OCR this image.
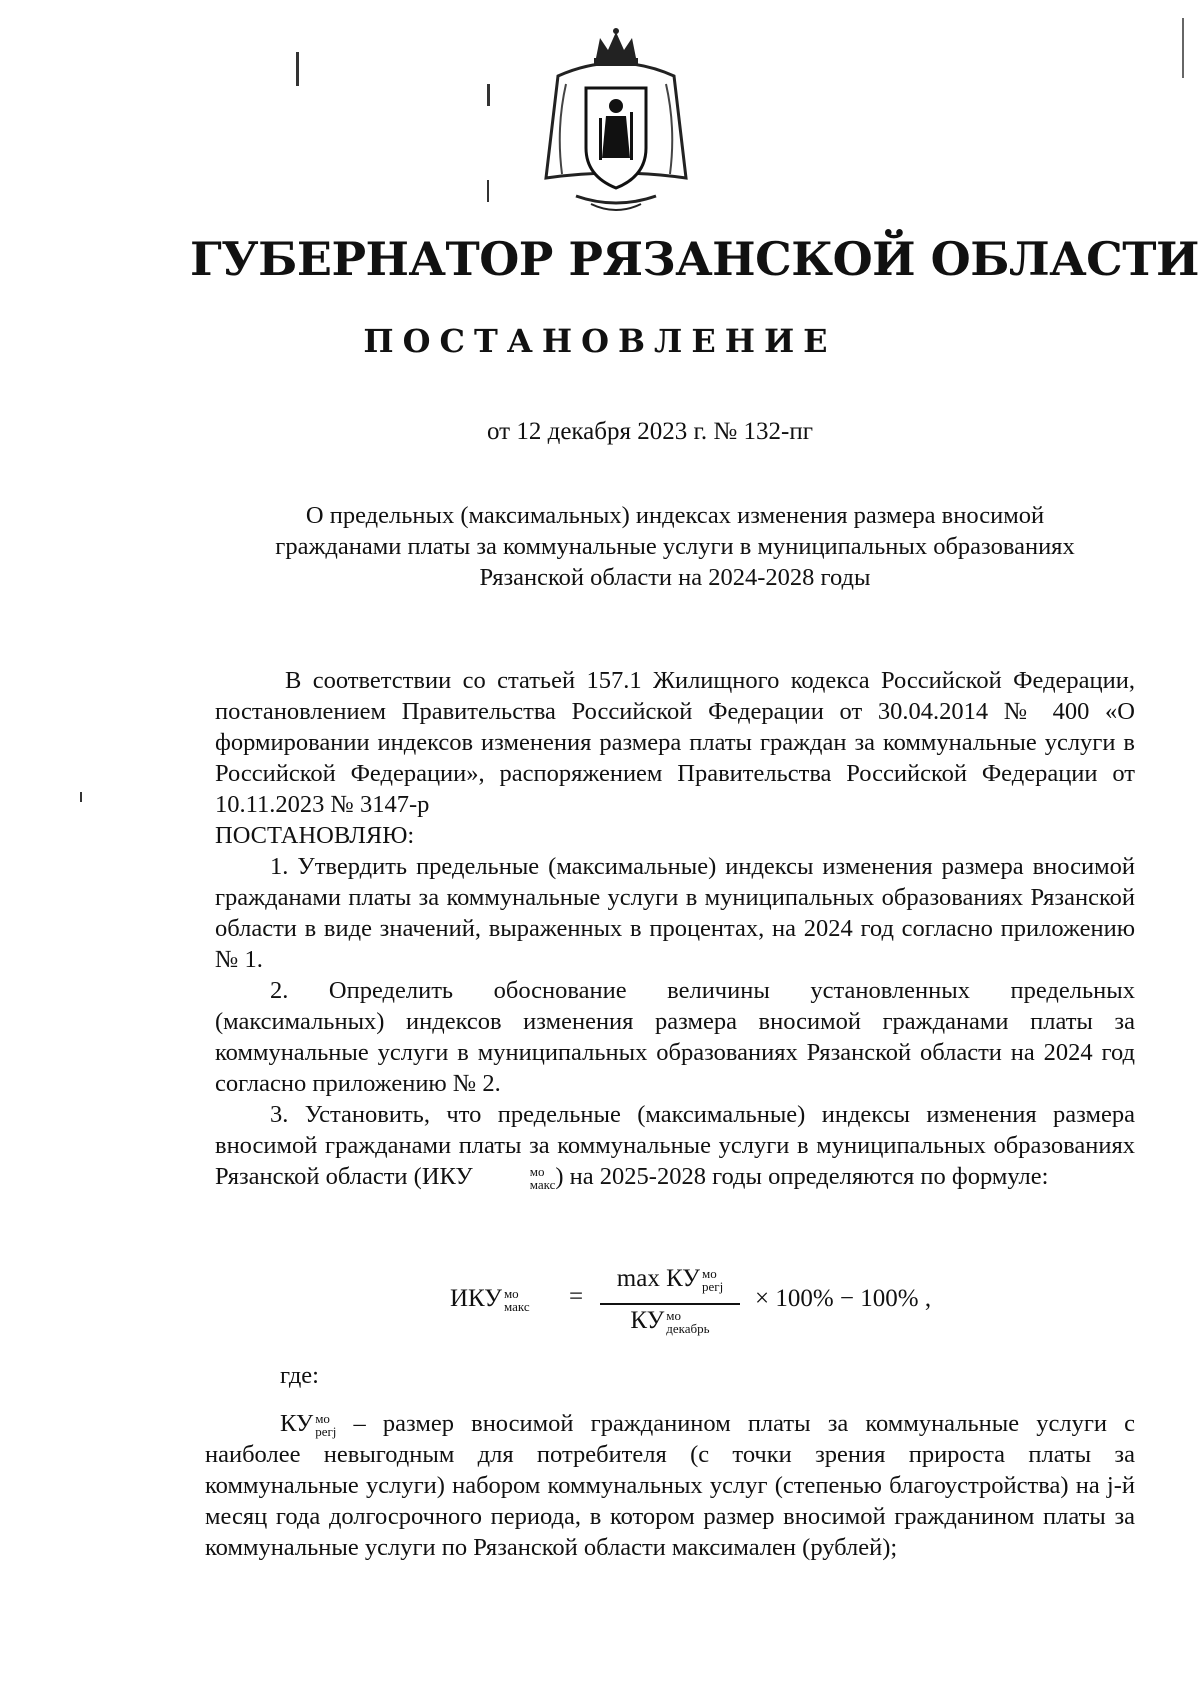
ГУБЕРНАТОР РЯЗАНСКОЙ ОБЛАСТИ
ПОСТАНОВЛЕНИЕ
от 12 декабря 2023 г. № 132-пг
О предельных (максимальных) индексах изменения размера вносимой гражданами платы за коммунальные услуги в муниципальных образованиях Рязанской области на 2024-2028 годы

В соответствии со статьей 157.1 Жилищного кодекса Российской Федерации, постановлением Правительства Российской Федерации от 30.04.2014 № 400 «О формировании индексов изменения размера платы граждан за коммунальные услуги в Российской Федерации», распоряжением Правительства Российской Федерации от 10.11.2023 № 3147-р

ПОСТАНОВЛЯЮ:

1. Утвердить предельные (максимальные) индексы изменения размера вносимой гражданами платы за коммунальные услуги в муниципальных образованиях Рязанской области в виде значений, выраженных в процентах, на 2024 год согласно приложению № 1.

2. Определить обоснование величины установленных предельных (максимальных) индексов изменения размера вносимой гражданами платы за коммунальные услуги в муниципальных образованиях Рязанской области на 2024 год согласно приложению № 2.

3. Установить, что предельные (максимальные) индексы изменения размера вносимой гражданами платы за коммунальные услуги в муниципальных образованиях Рязанской области (ИКУ	мо
макс ) на 2025-2028 годы определяются по формуле:

ИКУ мо
макс =
max КУ мо
регj
КУ мо
декабрь
× 100% − 100% ,
где:
КУ мо
регj – размер вносимой гражданином платы за коммунальные услуги с наиболее невыгодным для потребителя (с точки зрения прироста платы за коммунальные услуги) набором коммунальных услуг (степенью благоустройства) на j-й месяц года долгосрочного периода, в котором размер вносимой гражданином платы за коммунальные услуги по Рязанской области максимален (рублей);
